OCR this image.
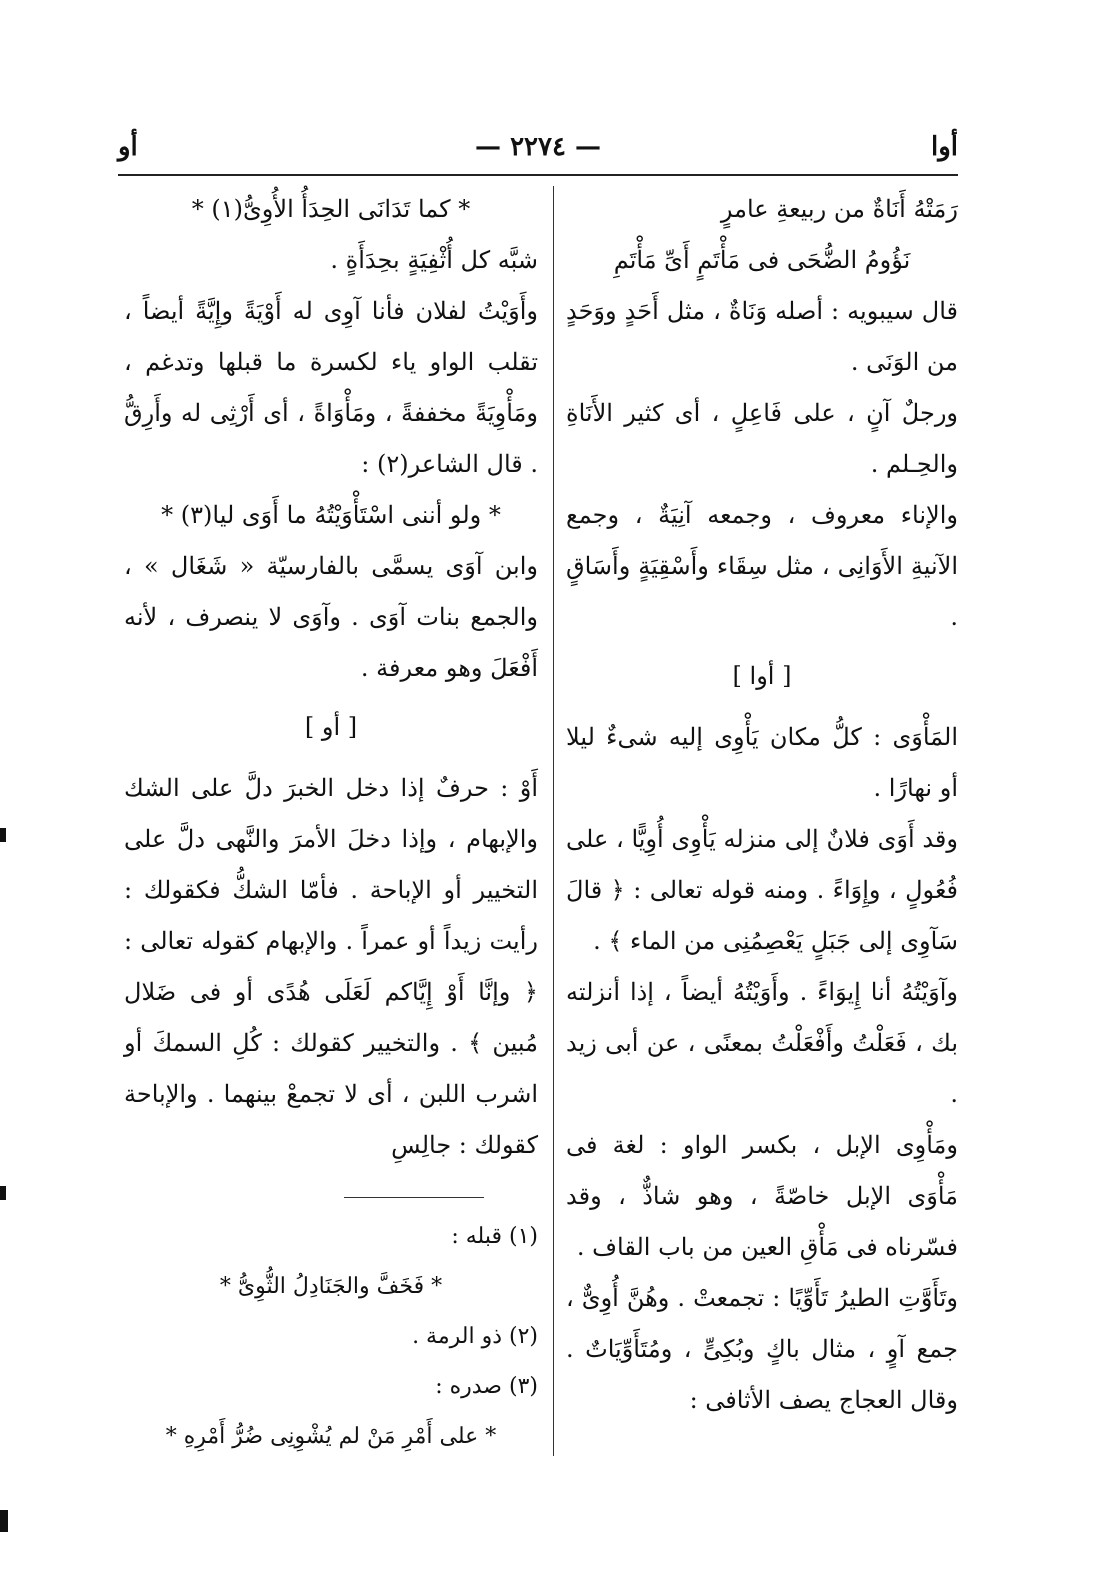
أوا
— ٢٢٧٤ —
أو

رَمَتْهُ أَنَاةٌ من ربيعةِ عامرٍ

نَؤُومُ الضُّحَى فى مَأْتَمٍ أَىِّ مَأْتَمِ

قال سيبويه : أصله وَنَاةٌ ، مثل أَحَدٍ ووَحَدٍ من الوَنَى .

ورجلٌ آنٍ ، على فَاعِلٍ ، أى كثير الأَنَاةِ والحِـلم .

والإناء معروف ، وجمعه آنِيَةٌ ، وجمع الآنيةِ الأَوَانِى ، مثل سِقَاء وأَسْقِيَةٍ وأَسَاقٍ .

[ أوا ]

المَأْوَى : كلُّ مكان يَأْوِى إليه شىءٌ ليلا أو نهارًا .

وقد أَوَى فلانٌ إلى منزله يَأْوِى أُوِيًّا ، على فُعُولٍ ، وإِوَاءً . ومنه قوله تعالى : ﴿ قالَ سَآوِى إلى جَبَلٍ يَعْصِمُنِى من الماء ﴾ .

وآوَيْتُهُ أنا إِيوَاءً . وأَوَيْتُهُ أيضاً ، إذا أنزلته بك ، فَعَلْتُ وأَفْعَلْتُ بمعنًى ، عن أبى زيد .

ومَأْوِى الإبل ، بكسر الواو : لغة فى مَأْوَى الإبل خاصّةً ، وهو شاذٌّ ، وقد فسّرناه فى مَأْقِ العين من باب القاف .

وتَأَوَّتِ الطيرُ تَأَوِّيًا : تجمعتْ . وهُنَّ أُوِىٌّ ، جمع آوٍ ، مثال باكٍ وبُكِىٍّ ، ومُتَأَوِّيَاتٌ . وقال العجاج يصف الأثافى :

* كما تَدَانَى الحِدَأُ الأُوِىُّ(١) *

شبَّه كل أُثْفِيَةٍ بحِدَأَةٍ .

وأَوَيْتُ لفلان فأنا آوِى له أَوْيَةً وإِيَّةً أيضاً ، تقلب الواو ياء لكسرة ما قبلها وتدغم ، ومَأْوِيَةً مخففةً ، ومَأْوَاةً ، أى أَرْثِى له وأَرِقُّ . قال الشاعر(٢) :

* ولو أننى اسْتَأْوَيْتُهُ ما أَوَى ليا(٣) *

وابن آوَى يسمَّى بالفارسيّة « شَغَال » ، والجمع بنات آوَى . وآوَى لا ينصرف ، لأنه أَفْعَلَ وهو معرفة .

[ أو ]

أَوْ : حرفٌ إذا دخل الخبرَ دلَّ على الشك والإبهام ، وإذا دخلَ الأمرَ والنَّهى دلَّ على التخيير أو الإباحة . فأمّا الشكُّ فكقولك : رأيت زيداً أو عمراً . والإبهام كقوله تعالى : ﴿ وإنَّا أَوْ إِيَّاكم لَعَلَى هُدًى أو فى ضَلال مُبين ﴾ . والتخيير كقولك : كُلِ السمكَ أو اشرب اللبن ، أى لا تجمعْ بينهما . والإباحة كقولك : جالِسِ

(١) قبله :

* فَخَفَّ والجَنَادِلُ الثُّوِىُّ *

(٢) ذو الرمة .

(٣) صدره :

* على أَمْرِ مَنْ لم يُشْوِنِى ضُرُّ أَمْرِهِ *
